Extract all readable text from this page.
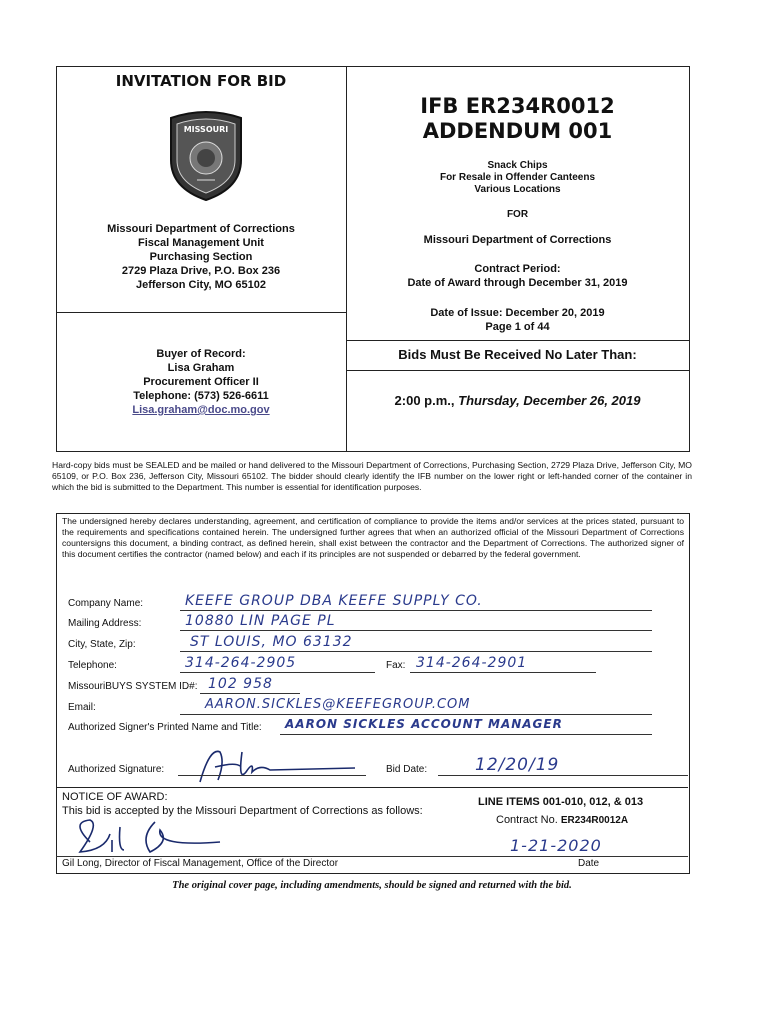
INVITATION FOR BID
MISSOURI
Missouri Department of Corrections
Fiscal Management Unit
Purchasing Section
2729 Plaza Drive, P.O. Box 236
Jefferson City, MO 65102
Buyer of Record:
Lisa Graham
Procurement Officer II
Telephone: (573) 526-6611
Lisa.graham@doc.mo.gov
IFB ER234R0012
ADDENDUM 001
Snack Chips
For Resale in Offender Canteens
Various Locations
FOR
Missouri Department of Corrections
Contract Period:
Date of Award through December 31, 2019
Date of Issue: December 20, 2019
Page 1 of 44
Bids Must Be Received No Later Than:
2:00 p.m., Thursday, December 26, 2019
Hard-copy bids must be SEALED and be mailed or hand delivered to the Missouri Department of Corrections, Purchasing Section, 2729 Plaza Drive, Jefferson City, MO 65109, or P.O. Box 236, Jefferson City, Missouri 65102. The bidder should clearly identify the IFB number on the lower right or left-handed corner of the container in which the bid is submitted to the Department. This number is essential for identification purposes.
The undersigned hereby declares understanding, agreement, and certification of compliance to provide the items and/or services at the prices stated, pursuant to the requirements and specifications contained herein. The undersigned further agrees that when an authorized official of the Missouri Department of Corrections countersigns this document, a binding contract, as defined herein, shall exist between the contractor and the Department of Corrections. The authorized signer of this document certifies the contractor (named below) and each if its principles are not suspended or debarred by the federal government.
Company Name:	KEEFE GROUP DBA KEEFE SUPPLY CO.
Mailing Address:	10880 LIN PAGE PL
City, State, Zip:	ST LOUIS, MO 63132
Telephone:	314-264-2905	Fax: 314-264-2901
MissouriBUYS SYSTEM ID#: 102 958
Email:	AARON.SICKLES@KEEFEGROUP.COM
Authorized Signer's Printed Name and Title: AARON SICKLES ACCOUNT MANAGER
Authorized Signature:	Bid Date:	12/20/19
NOTICE OF AWARD:
This bid is accepted by the Missouri Department of Corrections as follows:
LINE ITEMS 001-010, 012, & 013
Contract No. ER234R0012A
1-21-2020
Gil Long, Director of Fiscal Management, Office of the Director	Date
The original cover page, including amendments, should be signed and returned with the bid.
